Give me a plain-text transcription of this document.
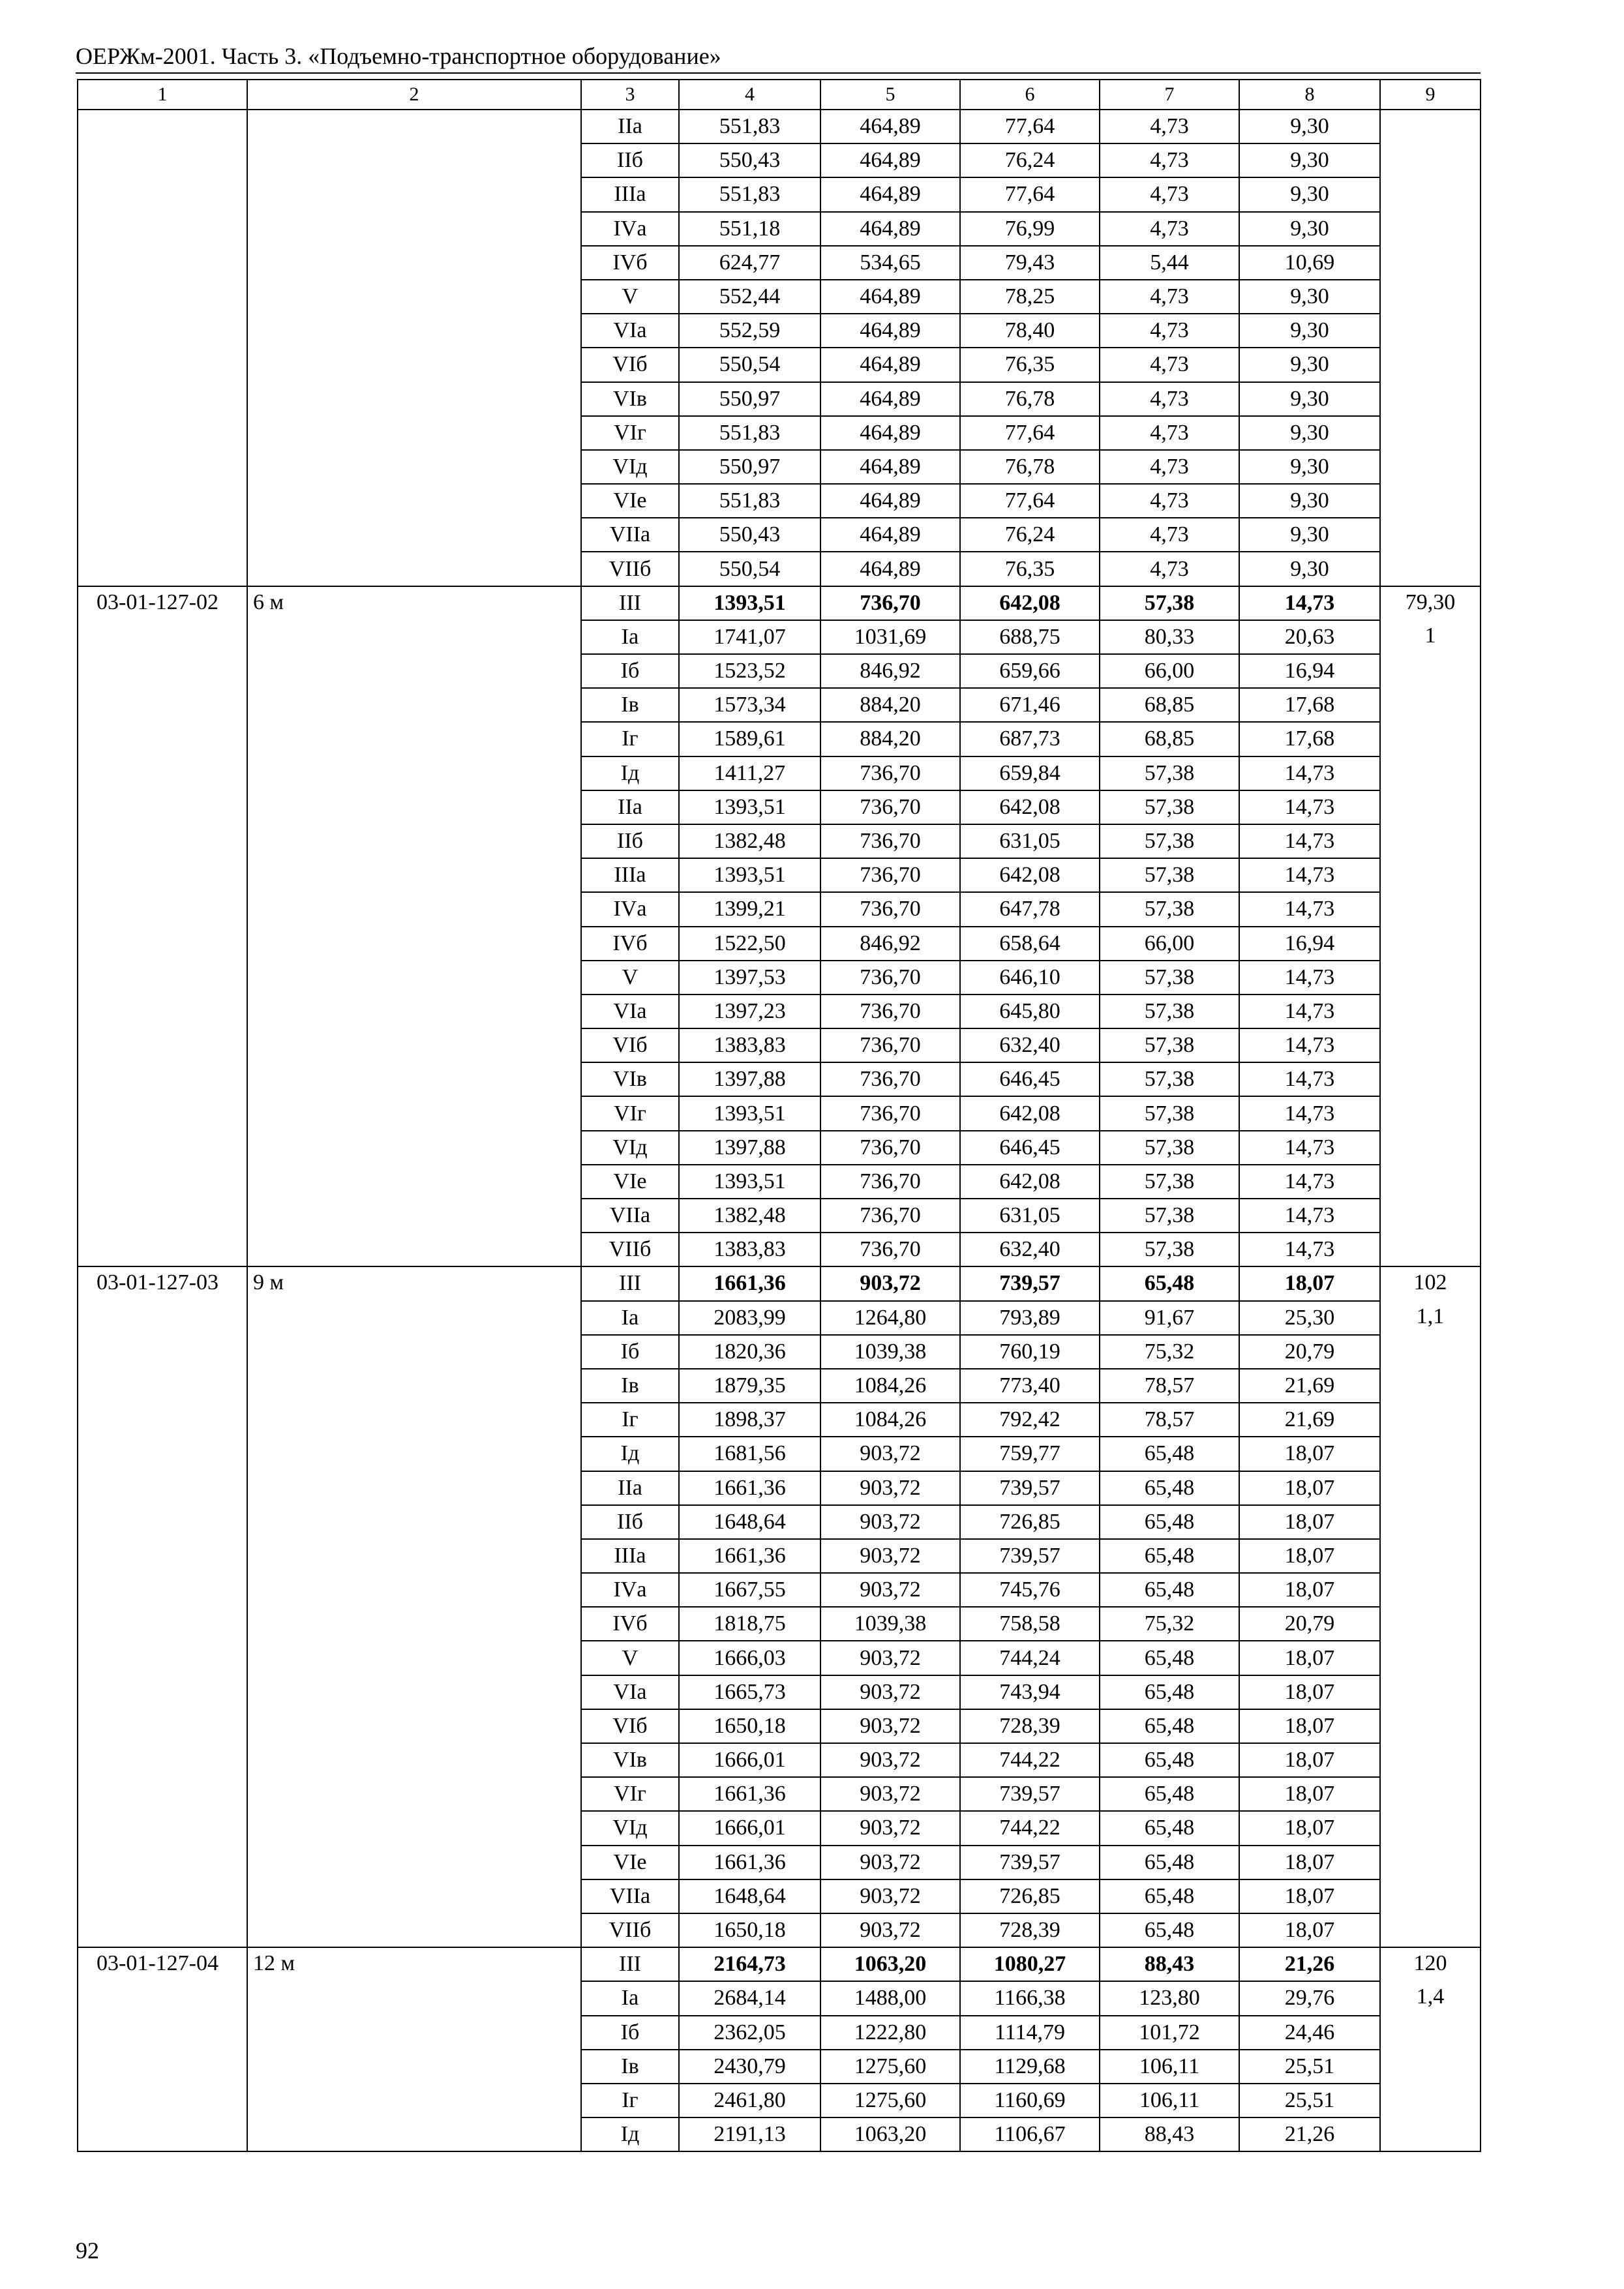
ОЕРЖм-2001. Часть 3. «Подъемно-транспортное оборудование»
1	2	3	4	5	6	7	8	9
		IIа	551,83	464,89	77,64	4,73	9,30	
		IIб	550,43	464,89	76,24	4,73	9,30	
		IIIа	551,83	464,89	77,64	4,73	9,30	
		IVа	551,18	464,89	76,99	4,73	9,30	
		IVб	624,77	534,65	79,43	5,44	10,69	
		V	552,44	464,89	78,25	4,73	9,30	
		VIа	552,59	464,89	78,40	4,73	9,30	
		VIб	550,54	464,89	76,35	4,73	9,30	
		VIв	550,97	464,89	76,78	4,73	9,30	
		VIг	551,83	464,89	77,64	4,73	9,30	
		VIд	550,97	464,89	76,78	4,73	9,30	
		VIе	551,83	464,89	77,64	4,73	9,30	
		VIIа	550,43	464,89	76,24	4,73	9,30	
		VIIб	550,54	464,89	76,35	4,73	9,30	
03-01-127-02	6 м	III	1393,51	736,70	642,08	57,38	14,73	79,30
		Iа	1741,07	1031,69	688,75	80,33	20,63	1
		Iб	1523,52	846,92	659,66	66,00	16,94	
		Iв	1573,34	884,20	671,46	68,85	17,68	
		Iг	1589,61	884,20	687,73	68,85	17,68	
		Iд	1411,27	736,70	659,84	57,38	14,73	
		IIа	1393,51	736,70	642,08	57,38	14,73	
		IIб	1382,48	736,70	631,05	57,38	14,73	
		IIIа	1393,51	736,70	642,08	57,38	14,73	
		IVа	1399,21	736,70	647,78	57,38	14,73	
		IVб	1522,50	846,92	658,64	66,00	16,94	
		V	1397,53	736,70	646,10	57,38	14,73	
		VIа	1397,23	736,70	645,80	57,38	14,73	
		VIб	1383,83	736,70	632,40	57,38	14,73	
		VIв	1397,88	736,70	646,45	57,38	14,73	
		VIг	1393,51	736,70	642,08	57,38	14,73	
		VIд	1397,88	736,70	646,45	57,38	14,73	
		VIе	1393,51	736,70	642,08	57,38	14,73	
		VIIа	1382,48	736,70	631,05	57,38	14,73	
		VIIб	1383,83	736,70	632,40	57,38	14,73	
03-01-127-03	9 м	III	1661,36	903,72	739,57	65,48	18,07	102
		Iа	2083,99	1264,80	793,89	91,67	25,30	1,1
		Iб	1820,36	1039,38	760,19	75,32	20,79	
		Iв	1879,35	1084,26	773,40	78,57	21,69	
		Iг	1898,37	1084,26	792,42	78,57	21,69	
		Iд	1681,56	903,72	759,77	65,48	18,07	
		IIа	1661,36	903,72	739,57	65,48	18,07	
		IIб	1648,64	903,72	726,85	65,48	18,07	
		IIIа	1661,36	903,72	739,57	65,48	18,07	
		IVа	1667,55	903,72	745,76	65,48	18,07	
		IVб	1818,75	1039,38	758,58	75,32	20,79	
		V	1666,03	903,72	744,24	65,48	18,07	
		VIа	1665,73	903,72	743,94	65,48	18,07	
		VIб	1650,18	903,72	728,39	65,48	18,07	
		VIв	1666,01	903,72	744,22	65,48	18,07	
		VIг	1661,36	903,72	739,57	65,48	18,07	
		VIд	1666,01	903,72	744,22	65,48	18,07	
		VIе	1661,36	903,72	739,57	65,48	18,07	
		VIIа	1648,64	903,72	726,85	65,48	18,07	
		VIIб	1650,18	903,72	728,39	65,48	18,07	
03-01-127-04	12 м	III	2164,73	1063,20	1080,27	88,43	21,26	120
		Iа	2684,14	1488,00	1166,38	123,80	29,76	1,4
		Iб	2362,05	1222,80	1114,79	101,72	24,46	
		Iв	2430,79	1275,60	1129,68	106,11	25,51	
		Iг	2461,80	1275,60	1160,69	106,11	25,51	
		Iд	2191,13	1063,20	1106,67	88,43	21,26	
92
